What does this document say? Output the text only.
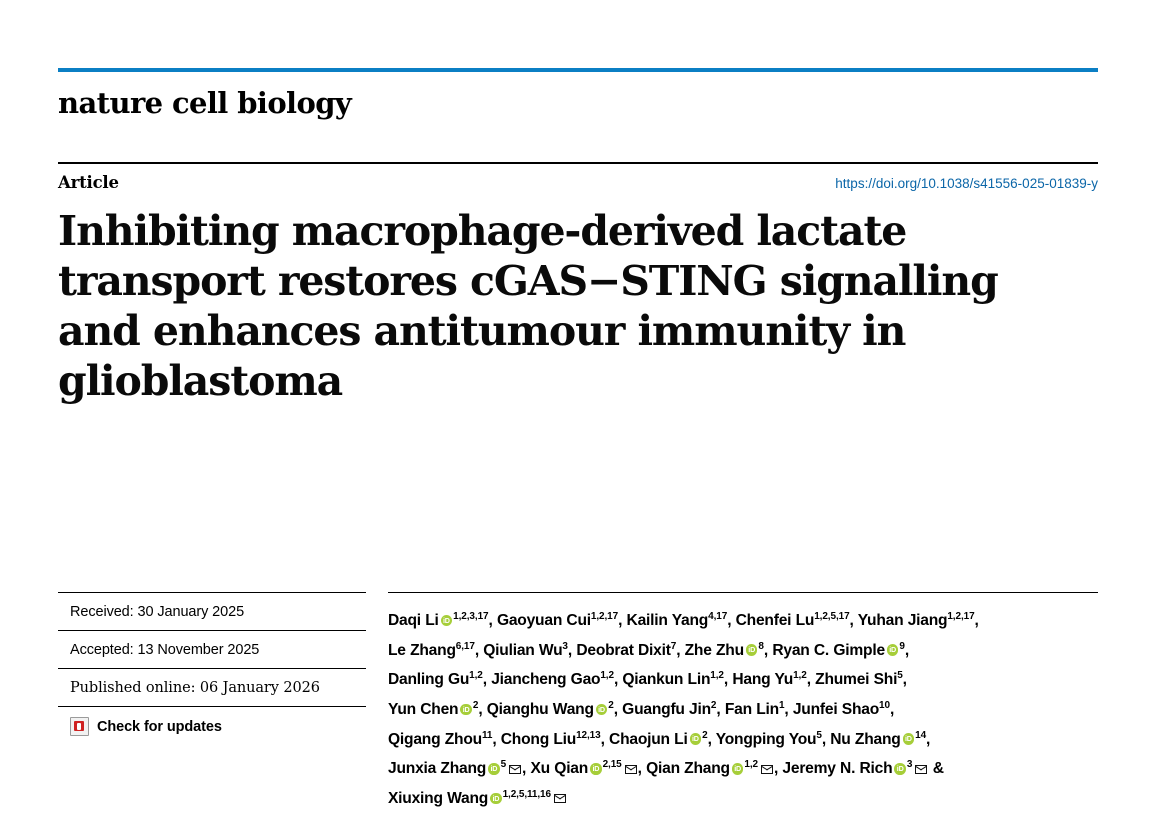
nature cell biology
Article	https://doi.org/10.1038/s41556-025-01839-y
Inhibiting macrophage-derived lactate transport restores cGAS−STING signalling and enhances antitumour immunity in glioblastoma
Received: 30 January 2025
Accepted: 13 November 2025
Published online: 06 January 2026
Check for updates
Daqi Li iD $^{1,2,3,17}$, Gaoyuan Cui$^{1,2,17}$, Kailin Yang$^{4,17}$, Chenfei Lu$^{1,2,5,17}$, Yuhan Jiang$^{1,2,17}$,
Le Zhang$^{6,17}$, Qiulian Wu$^3$, Deobrat Dixit$^7$, Zhe Zhu iD $^8$, Ryan C. Gimple iD $^9$,
Danling Gu$^{1,2}$, Jiancheng Gao$^{1,2}$, Qiankun Lin$^{1,2}$, Hang Yu$^{1,2}$, Zhumei Shi$^5$,
Yun Chen iD $^2$, Qianghu Wang iD $^2$, Guangfu Jin$^2$, Fan Lin$^1$, Junfei Shao$^{10}$,
Qigang Zhou$^{11}$, Chong Liu$^{12,13}$, Chaojun Li iD $^2$, Yongping You$^5$, Nu Zhang iD $^{14}$,
Junxia Zhang iD $^5$ , Xu Qian iD $^{2,15}$ , Qian Zhang iD $^{1,2}$ , Jeremy N. Rich iD $^3$ &
Xiuxing Wang iD $^{1,2,5,11,16}$
